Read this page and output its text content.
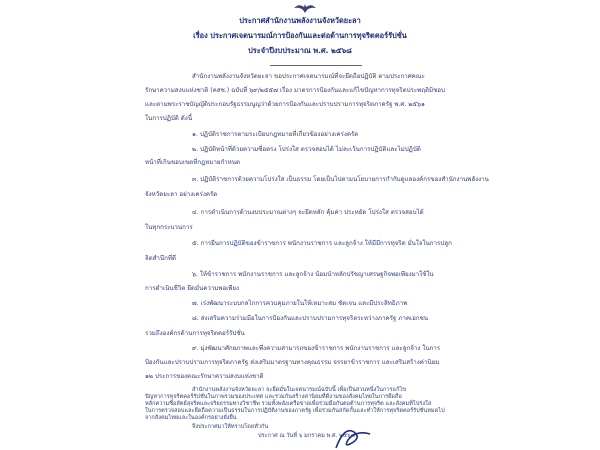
ประกาศสำนักงานพลังงานจังหวัดยะลา
เรื่อง ประกาศเจตนารมณ์การป้องกันและต่อต้านการทุจริตคอร์รัปชั่น
ประจำปีงบประมาณ พ.ศ. ๒๕๖๘
สำนักงานพลังงานจังหวัดยะลา ขอประกาศเจตนารมณ์ที่จะยึดถือปฏิบัติ ตามประกาศคณะ
รักษาความสงบแห่งชาติ (คสช.) ฉบับที่ ๖๙/๒๕๕๗ เรื่อง มาตรการป้องกันและแก้ไขปัญหาการทุจริตประพฤติมิชอบ
และตามพระราชบัญญัติประกอบรัฐธรรมนูญว่าด้วยการป้องกันและปราบปรามการทุจริตภาครัฐ พ.ศ. ๒๕๖๑
ในการปฏิบัติ ดังนี้
๑. ปฏิบัติราชการตามระเบียบกฎหมายที่เกี่ยวข้องอย่างเคร่งครัด
๒. ปฏิบัติหน้าที่ด้วยความซื่อตรง โปร่งใส ตรวจสอบได้ ไม่ละเว้นการปฏิบัติและไม่ปฏิบัติ
หน้าที่เกินขอบเขตที่กฎหมายกำหนด
๓. ปฏิบัติราชการด้วยความโปร่งใส เป็นธรรม โดยเป็นไปตามนโยบายการกำกับดูแลองค์กรของสำนักงานพลังงาน
จังหวัดยะลา อย่างเคร่งครัด
๔. การดำเนินการด้านงบประมาณต่างๆ จะยึดหลัก คุ้มค่า ประหยัด โปร่งใส ตรวจสอบได้
ในทุกกระบวนการ
๕. การยืนการปฏิบัติของข้าราชการ พนักงานราชการ และลูกจ้าง ให้มีมีการทุจริต มั่นใจในการปลูก
จิตสำนึกที่ดี
๖. ให้ข้าราชการ พนักงานราชการ และลูกจ้าง น้อมนำหลักปรัชญาเศรษฐกิจพอเพียงมาใช้ใน
การดำเนินชีวิต ยึดมั่นความพอเพียง
๗. เร่งพัฒนาระบบกลไกการควบคุมภายในให้เหมาะสม ชัดเจน และมีประสิทธิภาพ
๘. ส่งเสริมความร่วมมือในการป้องกันและปราบปรามการทุจริตระหว่างภาครัฐ ภาคเอกชน
รวมถึงองค์กรด้านการทุจริตคอร์รัปชั่น
๙. มุ่งพัฒนาศักยภาพและพึ่งความสามารถของข้าราชการ พนักงานราชการ และลูกจ้าง ในการ
ป้องกันและปราบปรามการทุจริตภาครัฐ ส่งเสริมมาตรฐานทางคุณธรรม จรรยาข้าราชการ และเสริมสร้างค่านิยม
๑๒ ประการของคณะรักษาความสงบแห่งชาติ
สำนักงานพลังงานจังหวัดยะลา จะยึดมั่นในเจตนารมณ์ฉบับนี้ เพื่อเป็นส่วนหนึ่งในการแก้ไข
ปัญหาการทุจริตคอร์รัปชั่นในภาพรวมของประเทศ และร่วมกันสร้างค่านิยมที่ดีงามของสังคมไทยในการยึดถือ
หลักความซื่อสัตย์สุจริตและจริยธรรมทางวิชาชีพ รวมทั้งพลังเครือข่ายเพื่อร่วมมือกันต่อต้านการทุจริต และสังคมที่โปร่งใส
ในการตรวจสอบและยึดถือความเป็นธรรมในการปฏิบัติงานของภาครัฐ เพื่อร่วมกันสกัดกั้นและทำให้การทุจริตคอร์รัปชั่นหมดไป
จากสังคมไทยและในองค์กรอย่างยั่งยืน
จึงประกาศมาให้ทราบโดยทั่วกัน
ประกาศ ณ วันที่ ๖ มกราคม พ.ศ. ๒๕๖๘
